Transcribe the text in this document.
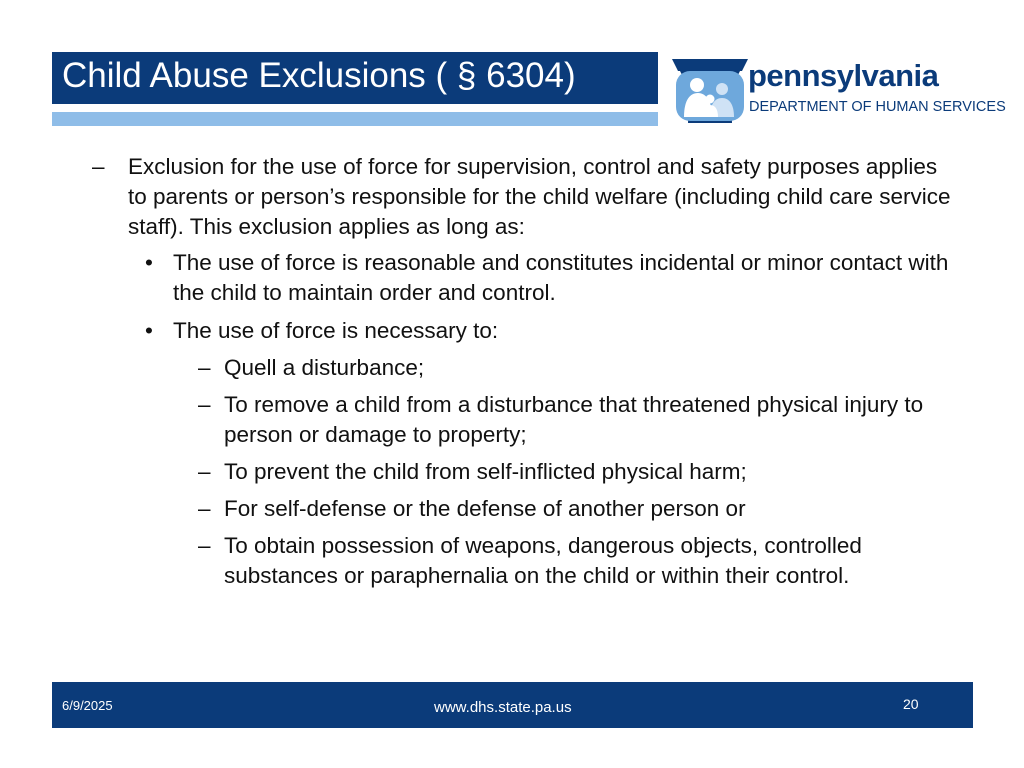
Child Abuse Exclusions ( § 6304)	pennsylvania
DEPARTMENT OF HUMAN SERVICES
– Exclusion for the use of force for supervision, control and safety purposes applies to parents or person’s responsible for the child welfare (including child care service staff). This exclusion applies as long as:
• The use of force is reasonable and constitutes incidental or minor contact with the child to maintain order and control.
• The use of force is necessary to:
– Quell a disturbance;
– To remove a child from a disturbance that threatened physical injury to person or damage to property;
– To prevent the child from self-inflicted physical harm;
– For self-defense or the defense of another person or
– To obtain possession of weapons, dangerous objects, controlled substances or paraphernalia on the child or within their control.
6/9/2025	www.dhs.state.pa.us	20
